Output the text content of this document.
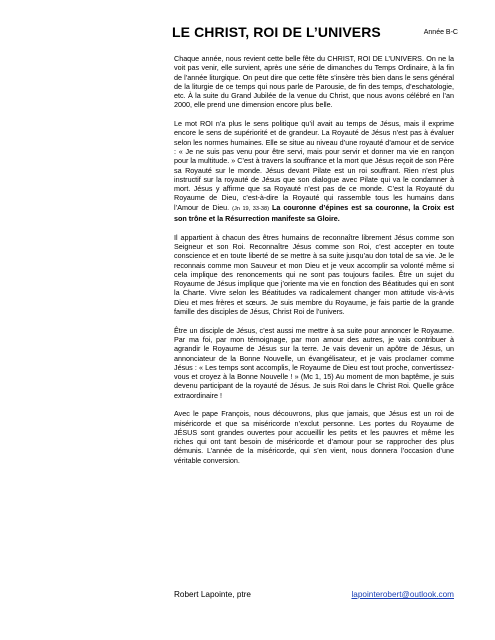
LE CHRIST, ROI DE L’UNIVERS	Année B-C

Chaque année, nous revient cette belle fête du CHRIST, ROI DE L’UNIVERS. On ne la voit pas venir, elle survient, après une série de dimanches du Temps Ordinaire, à la fin de l’année liturgique. On peut dire que cette fête s’insère très bien dans le sens général de la liturgie de ce temps qui nous parle de Parousie, de fin des temps, d’eschatologie, etc. À la suite du Grand Jubilée de la venue du Christ, que nous avons célébré en l’an 2000, elle prend une dimension encore plus belle.

Le mot ROI n’a plus le sens politique qu’il avait au temps de Jésus, mais il exprime encore le sens de supériorité et de grandeur. La Royauté de Jésus n’est pas à évaluer selon les normes humaines. Elle se situe au niveau d’une royauté d’amour et de service : « Je ne suis pas venu pour être servi, mais pour servir et donner ma vie en rançon pour la multitude. » C’est à travers la souffrance et la mort que Jésus reçoit de son Père sa Royauté sur le monde. Jésus devant Pilate est un roi souffrant. Rien n’est plus instructif sur la royauté de Jésus que son dialogue avec Pilate qui va le condamner à mort. Jésus y affirme que sa Royauté n’est pas de ce monde. C’est la Royauté du Royaume de Dieu, c’est-à-dire la Royauté qui rassemble tous les humains dans l’Amour de Dieu. (Jn 19, 33-38) La couronne d’épines est sa couronne, la Croix est son trône et la Résurrection manifeste sa Gloire.

Il appartient à chacun des êtres humains de reconnaître librement Jésus comme son Seigneur et son Roi. Reconnaître Jésus comme son Roi, c’est accepter en toute conscience et en toute liberté de se mettre à sa suite jusqu’au don total de sa vie. Je le reconnais comme mon Sauveur et mon Dieu et je veux accomplir sa volonté même si cela implique des renoncements qui ne sont pas toujours faciles. Être un sujet du Royaume de Jésus implique que j’oriente ma vie en fonction des Béatitudes qui en sont la Charte. Vivre selon les Béatitudes va radicalement changer mon attitude vis-à-vis Dieu et mes frères et sœurs. Je suis membre du Royaume, je fais partie de la grande famille des disciples de Jésus, Christ Roi de l’univers.

Être un disciple de Jésus, c’est aussi me mettre à sa suite pour annoncer le Royaume. Par ma foi, par mon témoignage, par mon amour des autres, je vais contribuer à agrandir le Royaume de Jésus sur la terre. Je vais devenir un apôtre de Jésus, un annonciateur de la Bonne Nouvelle, un évangélisateur, et je vais proclamer comme Jésus : « Les temps sont accomplis, le Royaume de Dieu est tout proche, convertissez-vous et croyez à la Bonne Nouvelle ! » (Mc 1, 15) Au moment de mon baptême, je suis devenu participant de la royauté de Jésus. Je suis Roi dans le Christ Roi. Quelle grâce extraordinaire !

Avec le pape François, nous découvrons, plus que jamais, que Jésus est un roi de miséricorde et que sa miséricorde n’exclut personne. Les portes du Royaume de JÉSUS sont grandes ouvertes pour accueillir les petits et les pauvres et même les riches qui ont tant besoin de miséricorde et d’amour pour se rapprocher des plus démunis. L’année de la miséricorde, qui s’en vient, nous donnera l’occasion d’une véritable conversion.

Robert Lapointe, ptre	lapointerobert@outlook.com
